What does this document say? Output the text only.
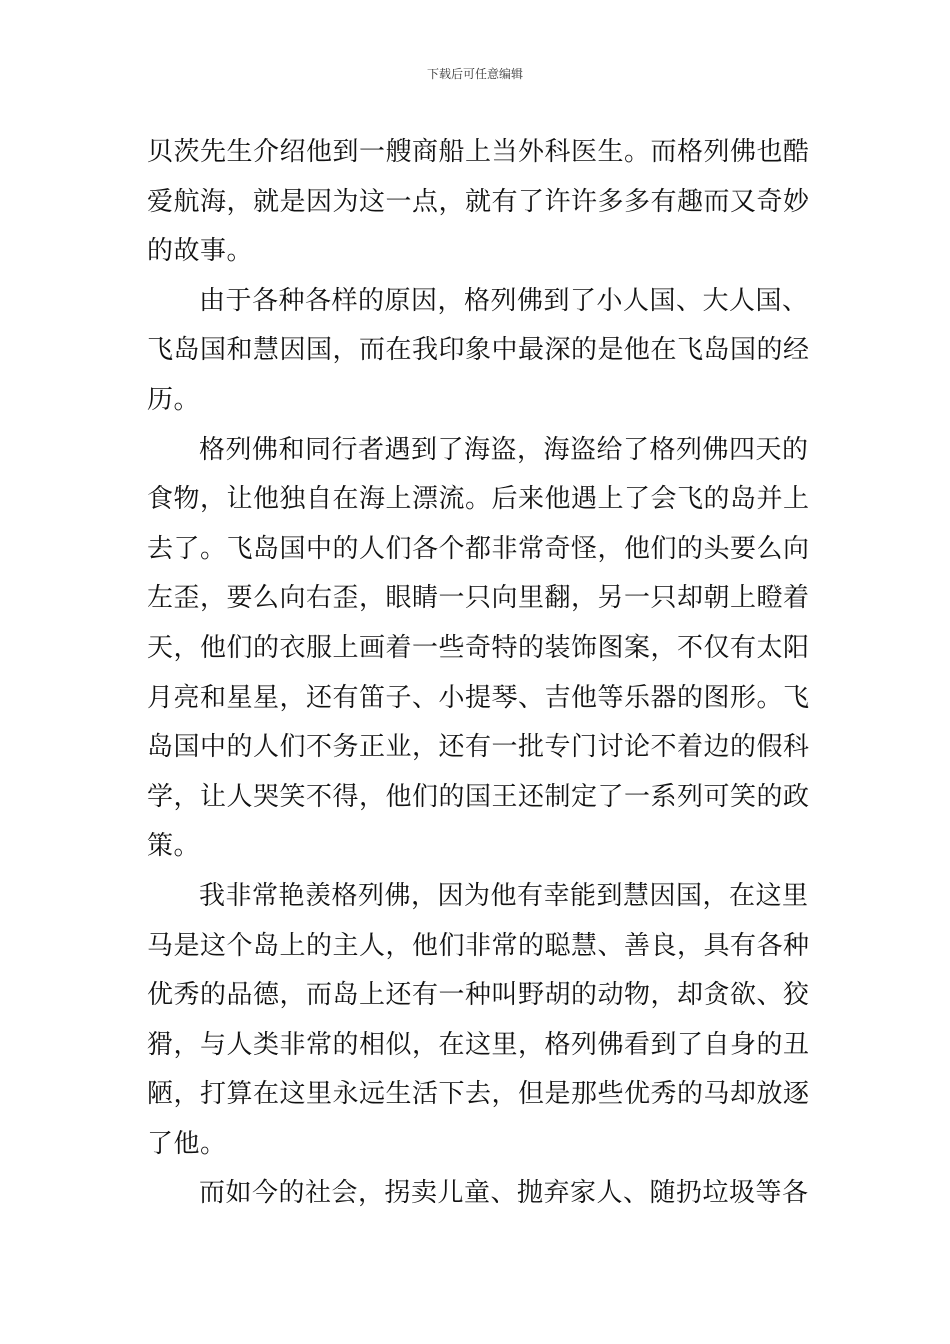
下载后可任意编辑
贝茨先生介绍他到一艘商船上当外科医生。而格列佛也酷
爱航海，就是因为这一点，就有了许许多多有趣而又奇妙
的故事。
由于各种各样的原因，格列佛到了小人国、大人国、
飞岛国和慧因国，而在我印象中最深的是他在飞岛国的经
历。
格列佛和同行者遇到了海盗，海盗给了格列佛四天的
食物，让他独自在海上漂流。后来他遇上了会飞的岛并上
去了。飞岛国中的人们各个都非常奇怪，他们的头要么向
左歪，要么向右歪，眼睛一只向里翻，另一只却朝上瞪着
天，他们的衣服上画着一些奇特的装饰图案，不仅有太阳
月亮和星星，还有笛子、小提琴、吉他等乐器的图形。飞
岛国中的人们不务正业，还有一批专门讨论不着边的假科
学，让人哭笑不得，他们的国王还制定了一系列可笑的政
策。
我非常艳羡格列佛，因为他有幸能到慧因国，在这里
马是这个岛上的主人，他们非常的聪慧、善良，具有各种
优秀的品德，而岛上还有一种叫野胡的动物，却贪欲、狡
猾，与人类非常的相似，在这里，格列佛看到了自身的丑
陋，打算在这里永远生活下去，但是那些优秀的马却放逐
了他。
而如今的社会，拐卖儿童、抛弃家人、随扔垃圾等各
